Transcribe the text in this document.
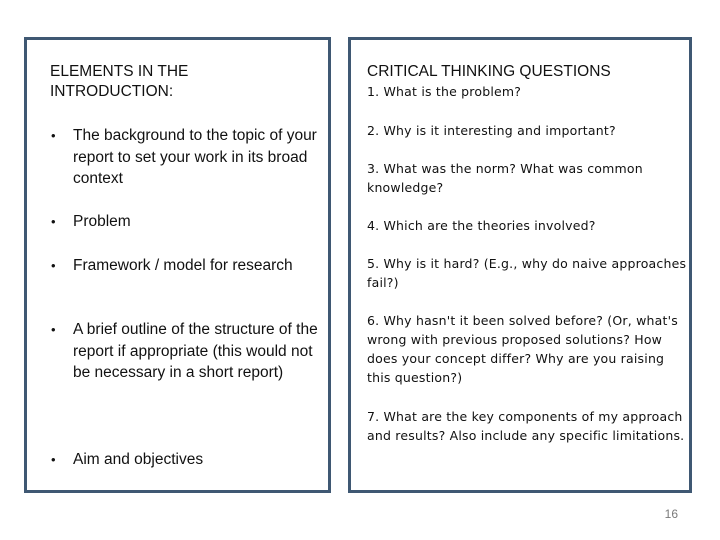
ELEMENTS IN THE INTRODUCTION:
•	The background to the topic of your report to set your work in its broad context
•	Problem
•	Framework / model for research
•	A brief outline of the structure of the report if appropriate (this would not be necessary in a short report)
•	Aim and objectives
CRITICAL THINKING QUESTIONS
1. What is the problem?
2. Why is it interesting and important?
3. What was the norm? What was common knowledge?
4. Which are the theories involved?
5. Why is it hard? (E.g., why do naive approaches fail?)
6. Why hasn't it been solved before? (Or, what's wrong with previous proposed solutions? How does your concept differ? Why are you raising this question?)
7. What are the key components of my approach and results? Also include any specific limitations.
16
